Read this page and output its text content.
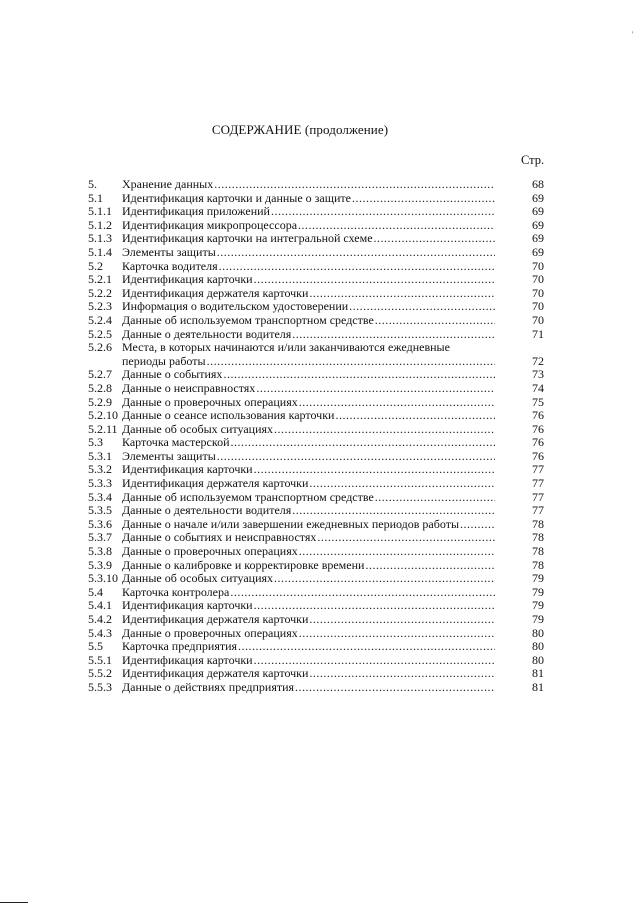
СОДЕРЖАНИЕ (продолжение)
Стр.
'
5.	Хранение данных .....	68
5.1	Идентификация карточки и данные о защите .....	69
5.1.1 Идентификация приложений .....	69
5.1.2 Идентификация микропроцессора .....	69
5.1.3 Идентификация карточки на интегральной схеме .....	69
5.1.4 Элементы защиты .....	69
5.2	Карточка водителя .....	70
5.2.1 Идентификация карточки .....	70
5.2.2 Идентификация держателя карточки .....	70
5.2.3 Информация о водительском удостоверении .....	70
5.2.4 Данные об используемом транспортном средстве .....	70
5.2.5 Данные о деятельности водителя .....	71
5.2.6 Места, в которых начинаются и/или заканчиваются ежедневные
периоды работы .....	72
5.2.7 Данные о событиях .....	73
5.2.8 Данные о неисправностях .....	74
5.2.9 Данные о проверочных операциях .....	75
5.2.10 Данные о сеансе использования карточки .....	76
5.2.11 Данные об особых ситуациях .....	76
5.3	Карточка мастерской .....	76
5.3.1 Элементы защиты .....	76
5.3.2 Идентификация карточки .....	77
5.3.3 Идентификация держателя карточки .....	77
5.3.4 Данные об используемом транспортном средстве .....	77
5.3.5 Данные о деятельности водителя .....	77
5.3.6 Данные о начале и/или завершении ежедневных периодов работы .....	78
5.3.7 Данные о событиях и неисправностях .....	78
5.3.8 Данные о проверочных операциях .....	78
5.3.9 Данные о калибровке и корректировке времени .....	78
5.3.10 Данные об особых ситуациях .....	79
5.4	Карточка контролера .....	79
5.4.1 Идентификация карточки .....	79
5.4.2 Идентификация держателя карточки .....	79
5.4.3 Данные о проверочных операциях .....	80
5.5	Карточка предприятия .....	80
5.5.1 Идентификация карточки .....	80
5.5.2 Идентификация держателя карточки .....	81
5.5.3 Данные о действиях предприятия .....	81
